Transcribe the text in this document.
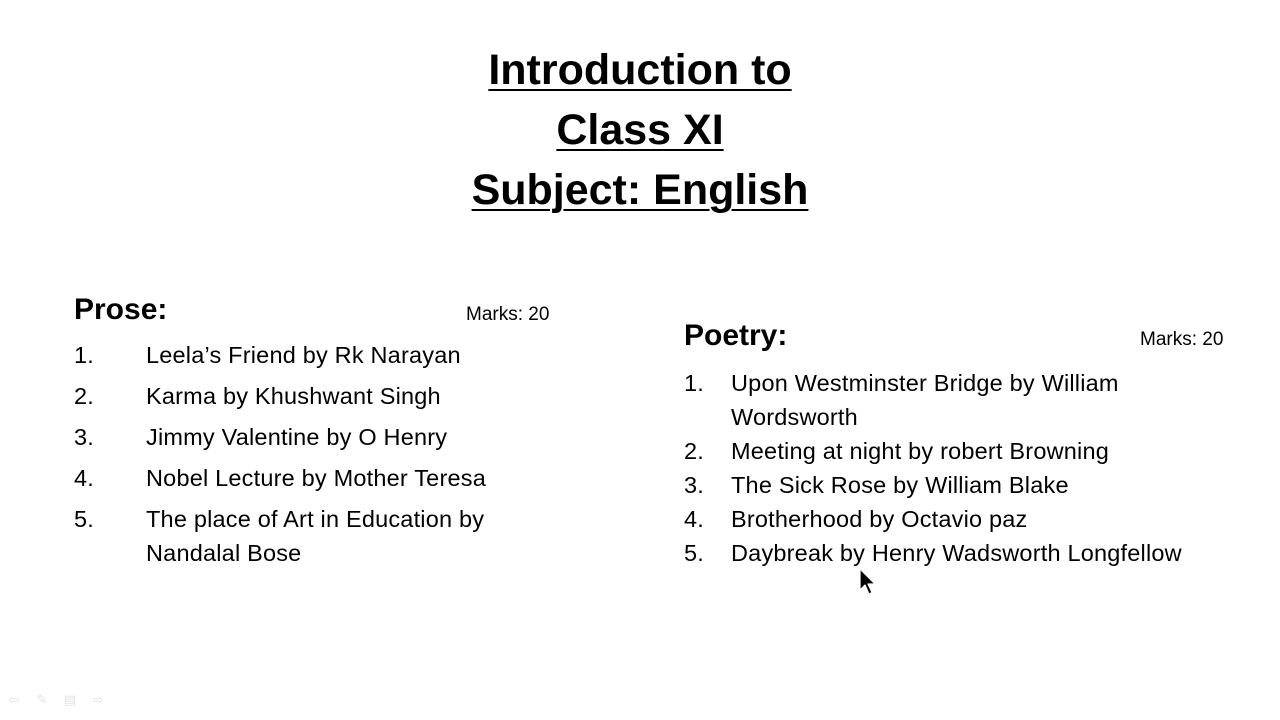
Introduction to
Class XI
Subject: English
Prose:	Marks: 20
1. Leela’s Friend by Rk Narayan
2. Karma by Khushwant Singh
3. Jimmy Valentine by O Henry
4. Nobel Lecture by Mother Teresa
5. The place of Art in Education by Nandalal Bose
Poetry:	Marks: 20
1. Upon Westminster Bridge by William Wordsworth
2. Meeting at night by robert Browning
3. The Sick Rose by William Blake
4. Brotherhood by Octavio paz
5. Daybreak by Henry Wadsworth Longfellow
⇦ ✎ ▤ ⇨
